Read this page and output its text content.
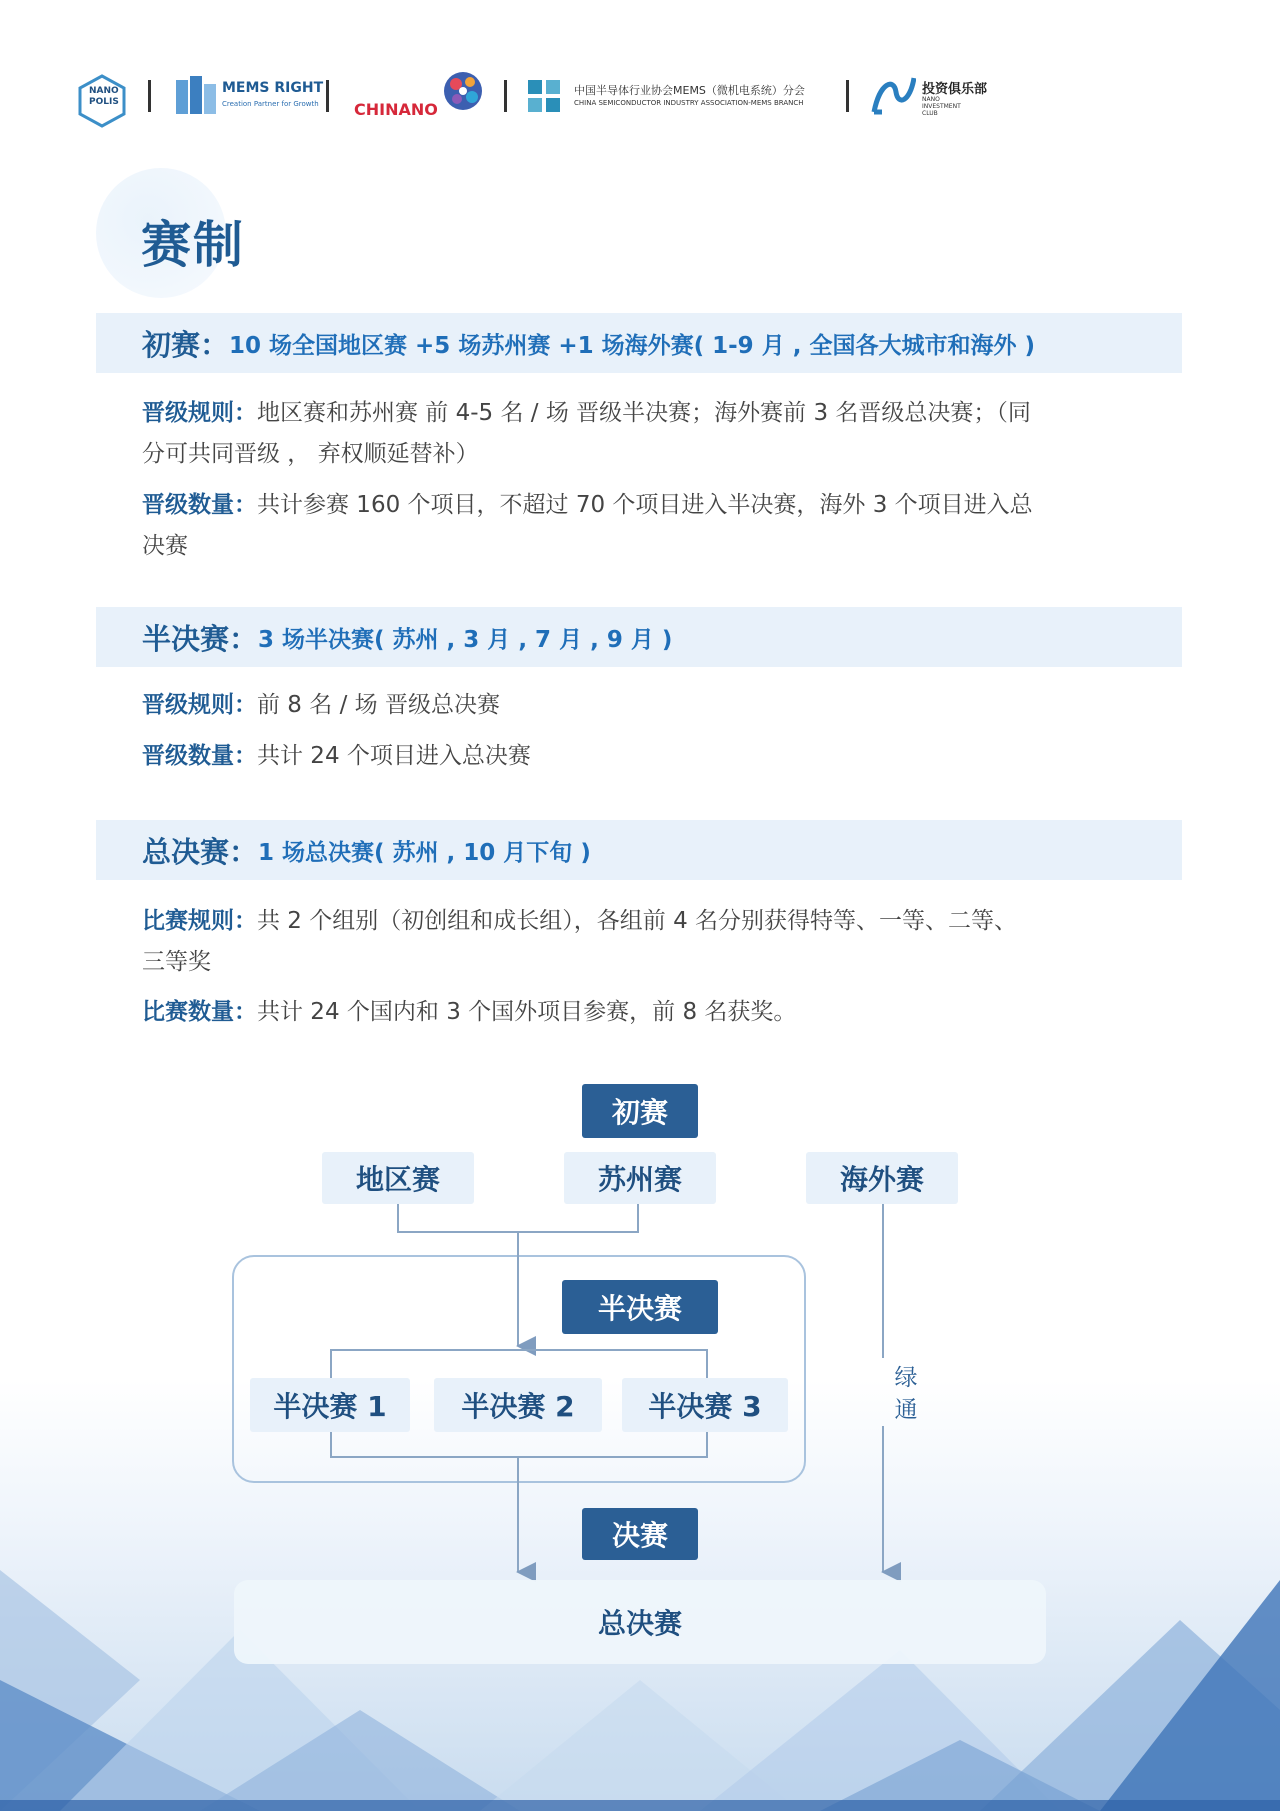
NANO
POLIS
MEMS RIGHT
Creation Partner for Growth CHINANO
中国半导体行业协会MEMS（微机电系统）分会
CHINA SEMICONDUCTOR INDUSTRY ASSOCIATION-MEMS BRANCH
投资俱乐部
NANO
INVESTMENT
CLUB
赛制
初赛： 10 场全国地区赛 +5 场苏州赛 +1 场海外赛( 1-9 月 , 全国各大城市和海外 )
晋级规则：地区赛和苏州赛 前 4-5 名 / 场 晋级半决赛；海外赛前 3 名晋级总决赛；（同
分可共同晋级 ， 弃权顺延替补）
晋级数量：共计参赛 160 个项目，不超过 70 个项目进入半决赛，海外 3 个项目进入总
决赛
半决赛： 3 场半决赛( 苏州 , 3 月 , 7 月 , 9 月 )
晋级规则：前 8 名 / 场 晋级总决赛
晋级数量：共计 24 个项目进入总决赛
总决赛： 1 场总决赛( 苏州 , 10 月下旬 )
比赛规则：共 2 个组别（初创组和成长组），各组前 4 名分别获得特等、一等、二等、
三等奖
比赛数量：共计 24 个国内和 3 个国外项目参赛，前 8 名获奖。
初赛
地区赛	苏州赛	海外赛
半决赛
半决赛 1	半决赛 2	半决赛 3
绿
通
决赛
总决赛
